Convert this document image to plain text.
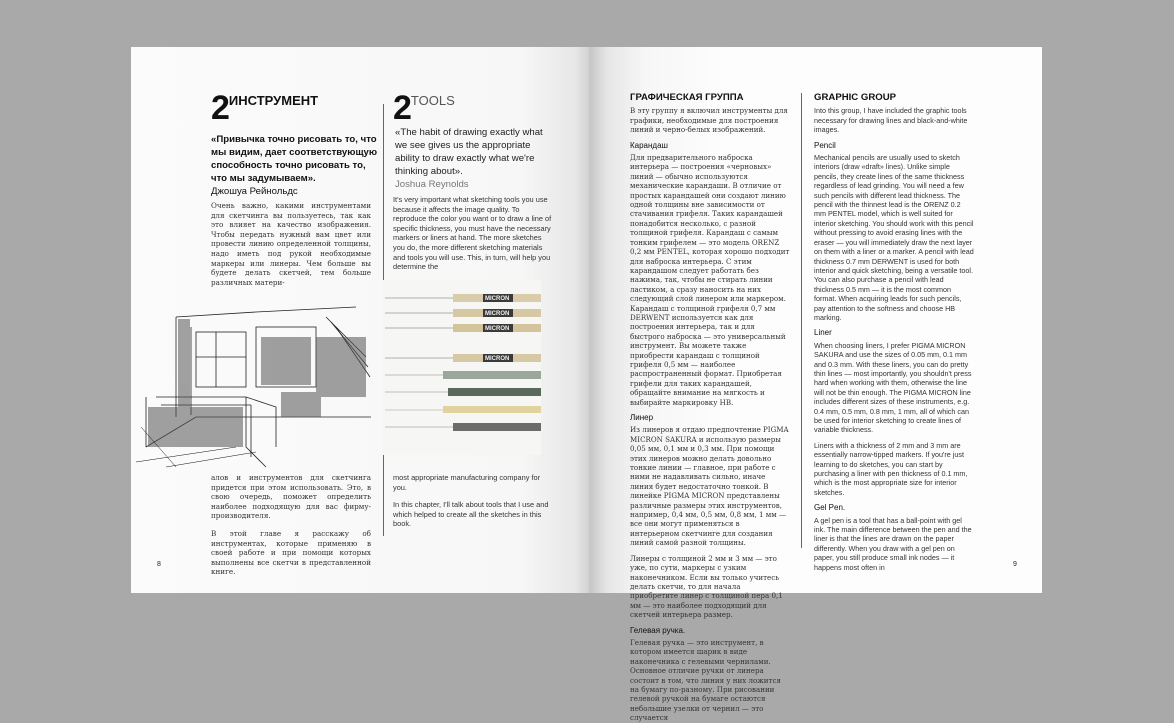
$2^{ИНСТРУМЕНТ}$ $2^{TOOLS}$
«Привычка точно рисовать то, что мы видим, дает соответствующую способность точно рисовать то, что мы задумываем».
Джошуа Рейнольдс
«The habit of drawing exactly what we see gives us the appropriate ability to draw exactly what we're thinking about».
Joshua Reynolds

Очень важно, какими инструментами для скетчинга вы пользуетесь, так как это влияет на качество изображения. Чтобы передать нужный вам цвет или провести линию определенной толщины, надо иметь под рукой необходимые маркеры или линеры. Чем больше вы будете делать скетчей, тем больше различных матери-

It's very important what sketching tools you use because it affects the image quality. To reproduce the color you want or to draw a line of specific thickness, you must have the necessary markers or liners at hand. The more sketches you do, the more different sketching materials and tools you will use. This, in turn, will help you determine the

MICRON
MICRON
MICRON
MICRON

алов и инструментов для скетчинга придется при этом использовать. Это, в свою очередь, поможет определить наиболее подходящую для вас фирму-производителя.

В этой главе я расскажу об инструментах, которые применяю в своей работе и при помощи которых выполнены все скетчи в представленной книге.

most appropriate manufacturing company for you.

In this chapter, I'll talk about tools that I use and which helped to create all the sketches in this book.

8
ГРАФИЧЕСКАЯ ГРУППА

В эту группу я включил инструменты для графики, необходимые для построения линий и черно-белых изображений.

Карандаш

Для предварительного наброска интерьера — построения «черновых» линий — обычно используются механические карандаши. В отличие от простых карандашей они создают линию одной толщины вне зависимости от стачивания грифеля. Таких карандашей понадобится несколько, с разной толщиной грифеля. Карандаш с самым тонким грифелем — это модель ORENZ 0,2 мм PENTEL, которая хорошо подходит для наброска интерьера. С этим карандашом следует работать без нажима, так, чтобы не стирать линии ластиком, а сразу наносить на них следующий слой линером или маркером. Карандаш с толщиной грифеля 0,7 мм DERWENT используется как для построения интерьера, так и для быстрого наброска — это универсальный инструмент. Вы можете также приобрести карандаш с толщиной грифеля 0,5 мм — наиболее распространенный формат. Приобретая грифели для таких карандашей, обращайте внимание на мягкость и выбирайте маркировку HB.

Линер

Из линеров я отдаю предпочтение PIGMA MICRON SAKURA и использую размеры 0,05 мм, 0,1 мм и 0,3 мм. При помощи этих линеров можно делать довольно тонкие линии — главное, при работе с ними не надавливать сильно, иначе линия будет недостаточно тонкой. В линейке PIGMA MICRON представлены различные размеры этих инструментов, например, 0,4 мм, 0,5 мм, 0,8 мм, 1 мм — все они могут применяться в интерьерном скетчинге для создания линий самой разной толщины.

Линеры с толщиной 2 мм и 3 мм — это уже, по сути, маркеры с узким наконечником. Если вы только учитесь делать скетчи, то для начала приобретите линер с толщиной пера 0,1 мм — это наиболее подходящий для скетчей интерьера размер.

Гелевая ручка.

Гелевая ручка — это инструмент, в котором имеется шарик в виде наконечника с гелевыми чернилами. Основное отличие ручки от линера состоит в том, что линия у них ложится на бумагу по-разному. При рисовании гелевой ручкой на бумаге остаются небольшие узелки от чернил — это случается

GRAPHIC GROUP

Into this group, I have included the graphic tools necessary for drawing lines and black-and-white images.

Pencil

Mechanical pencils are usually used to sketch interiors (draw «draft» lines). Unlike simple pencils, they create lines of the same thickness regardless of lead grinding. You will need a few such pencils with different lead thickness. The pencil with the thinnest lead is the ORENZ 0.2 mm PENTEL model, which is well suited for interior sketching. You should work with this pencil without pressing to avoid erasing lines with the eraser — you will immediately draw the next layer on them with a liner or a marker. A pencil with lead thickness 0.7 mm DERWENT is used for both interior and quick sketching, being a versatile tool. You can also purchase a pencil with lead thickness 0.5 mm — it is the most common format. When acquiring leads for such pencils, pay attention to the softness and choose HB marking.

Liner

When choosing liners, I prefer PIGMA MICRON SAKURA and use the sizes of 0.05 mm, 0.1 mm and 0.3 mm. With these liners, you can do pretty thin lines — most importantly, you shouldn't press hard when working with them, otherwise the line will not be thin enough. The PIGMA MICRON line includes different sizes of these instruments, e.g. 0.4 mm, 0.5 mm, 0.8 mm, 1 mm, all of which can be used for interior sketching to create lines of variable thickness.

Liners with a thickness of 2 mm and 3 mm are essentially narrow-tipped markers. If you're just learning to do sketches, you can start by purchasing a liner with pen thickness of 0.1 mm, which is the most appropriate size for interior sketches.

Gel Pen.

A gel pen is a tool that has a ball-point with gel ink. The main difference between the pen and the liner is that the lines are drawn on the paper differently. When you draw with a gel pen on paper, you still produce small ink nodes — it happens most often in	9
